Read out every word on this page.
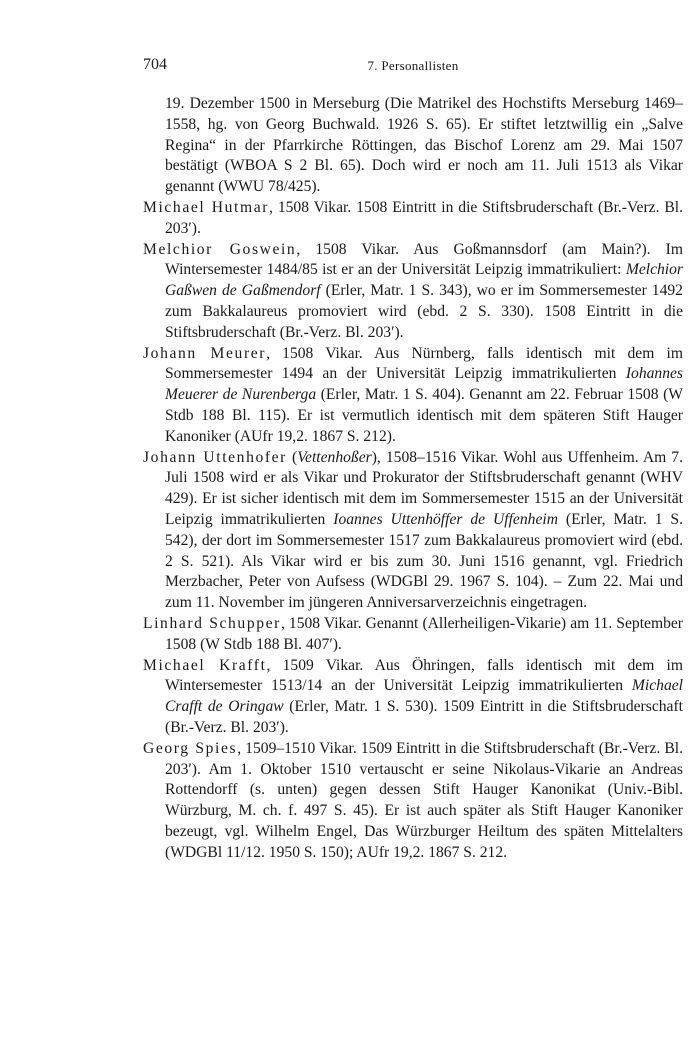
704	7. Personallisten

19. Dezember 1500 in Merseburg (Die Matrikel des Hochstifts Merseburg 1469–1558, hg. von Georg Buchwald. 1926 S. 65). Er stiftet letztwillig ein „Salve Regina“ in der Pfarrkirche Röttingen, das Bischof Lorenz am 29. Mai 1507 bestätigt (WBOA S 2 Bl. 65). Doch wird er noch am 11. Juli 1513 als Vikar genannt (WWU 78/425).

Michael Hutmar, 1508 Vikar. 1508 Eintritt in die Stiftsbruderschaft (Br.-Verz. Bl. 203′).

Melchior Goswein, 1508 Vikar. Aus Goßmannsdorf (am Main?). Im Wintersemester 1484/85 ist er an der Universität Leipzig immatrikuliert: Melchior Gaßwen de Gaßmendorf (Erler, Matr. 1 S. 343), wo er im Sommersemester 1492 zum Bakkalaureus promoviert wird (ebd. 2 S. 330). 1508 Eintritt in die Stiftsbruderschaft (Br.-Verz. Bl. 203′).

Johann Meurer, 1508 Vikar. Aus Nürnberg, falls identisch mit dem im Sommersemester 1494 an der Universität Leipzig immatrikulierten Iohannes Meuerer de Nurenberga (Erler, Matr. 1 S. 404). Genannt am 22. Februar 1508 (W Stdb 188 Bl. 115). Er ist vermutlich identisch mit dem späteren Stift Hauger Kanoniker (AUfr 19,2. 1867 S. 212).

Johann Uttenhofer (Vettenhoßer), 1508–1516 Vikar. Wohl aus Uffenheim. Am 7. Juli 1508 wird er als Vikar und Prokurator der Stiftsbruderschaft genannt (WHV 429). Er ist sicher identisch mit dem im Sommersemester 1515 an der Universität Leipzig immatrikulierten Ioannes Uttenhöffer de Uffenheim (Erler, Matr. 1 S. 542), der dort im Sommersemester 1517 zum Bakkalaureus promoviert wird (ebd. 2 S. 521). Als Vikar wird er bis zum 30. Juni 1516 genannt, vgl. Friedrich Merzbacher, Peter von Aufsess (WDGBl 29. 1967 S. 104). – Zum 22. Mai und zum 11. November im jüngeren Anniversarverzeichnis eingetragen.

Linhard Schupper, 1508 Vikar. Genannt (Allerheiligen-Vikarie) am 11. September 1508 (W Stdb 188 Bl. 407′).

Michael Krafft, 1509 Vikar. Aus Öhringen, falls identisch mit dem im Wintersemester 1513/14 an der Universität Leipzig immatrikulierten Michael Crafft de Oringaw (Erler, Matr. 1 S. 530). 1509 Eintritt in die Stiftsbruderschaft (Br.-Verz. Bl. 203′).

Georg Spies, 1509–1510 Vikar. 1509 Eintritt in die Stiftsbruderschaft (Br.-Verz. Bl. 203′). Am 1. Oktober 1510 vertauscht er seine Nikolaus-Vikarie an Andreas Rottendorff (s. unten) gegen dessen Stift Hauger Kanonikat (Univ.-Bibl. Würzburg, M. ch. f. 497 S. 45). Er ist auch später als Stift Hauger Kanoniker bezeugt, vgl. Wilhelm Engel, Das Würzburger Heiltum des späten Mittelalters (WDGBl 11/12. 1950 S. 150); AUfr 19,2. 1867 S. 212.
